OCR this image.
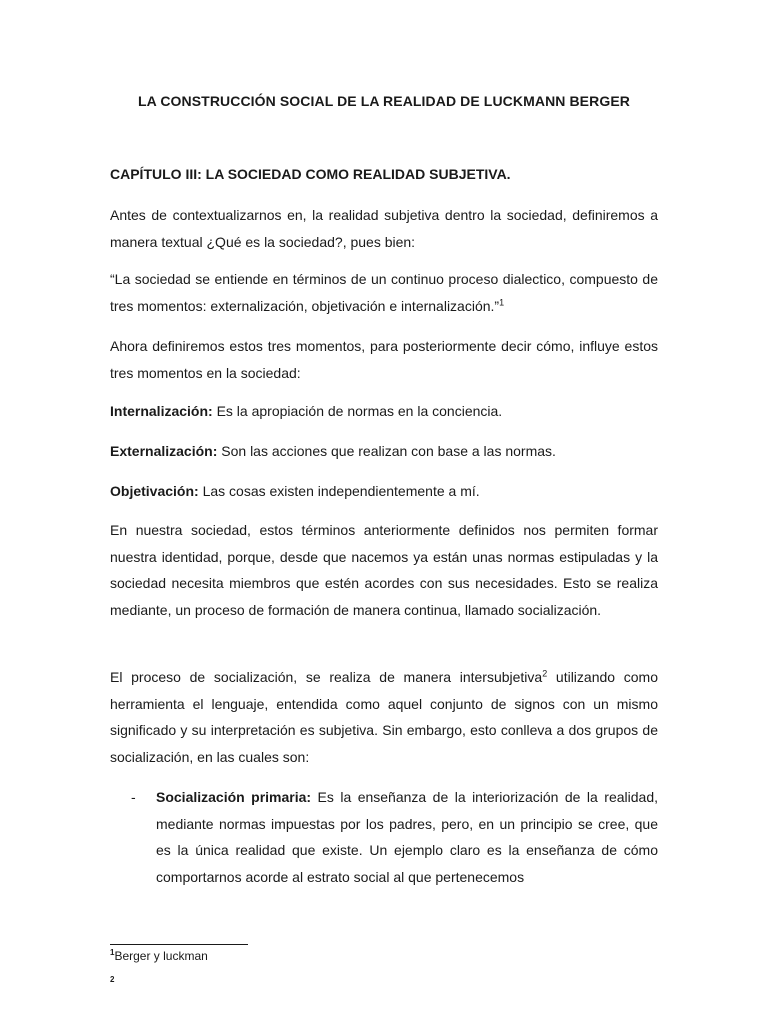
LA CONSTRUCCIÓN SOCIAL DE LA REALIDAD DE LUCKMANN BERGER
CAPÍTULO III: LA SOCIEDAD COMO REALIDAD SUBJETIVA.

Antes de contextualizarnos en, la realidad subjetiva dentro la sociedad, definiremos a manera textual ¿Qué es la sociedad?, pues bien:

“La sociedad se entiende en términos de un continuo proceso dialectico, compuesto de tres momentos: externalización, objetivación e internalización.”$^1$

Ahora definiremos estos tres momentos, para posteriormente decir cómo, influye estos tres momentos en la sociedad:

Internalización: Es la apropiación de normas en la conciencia.

Externalización: Son las acciones que realizan con base a las normas.

Objetivación: Las cosas existen independientemente a mí.

En nuestra sociedad, estos términos anteriormente definidos nos permiten formar nuestra identidad, porque, desde que nacemos ya están unas normas estipuladas y la sociedad necesita miembros que estén acordes con sus necesidades. Esto se realiza mediante, un proceso de formación de manera continua, llamado socialización.

El proceso de socialización, se realiza de manera intersubjetiva$^2$ utilizando como herramienta el lenguaje, entendida como aquel conjunto de signos con un mismo significado y su interpretación es subjetiva. Sin embargo, esto conlleva a dos grupos de socialización, en las cuales son:

- Socialización primaria: Es la enseñanza de la interiorización de la realidad, mediante normas impuestas por los padres, pero, en un principio se cree, que es la única realidad que existe. Un ejemplo claro es la enseñanza de cómo comportarnos acorde al estrato social al que pertenecemos

$^1$Berger y luckman
$^2$
